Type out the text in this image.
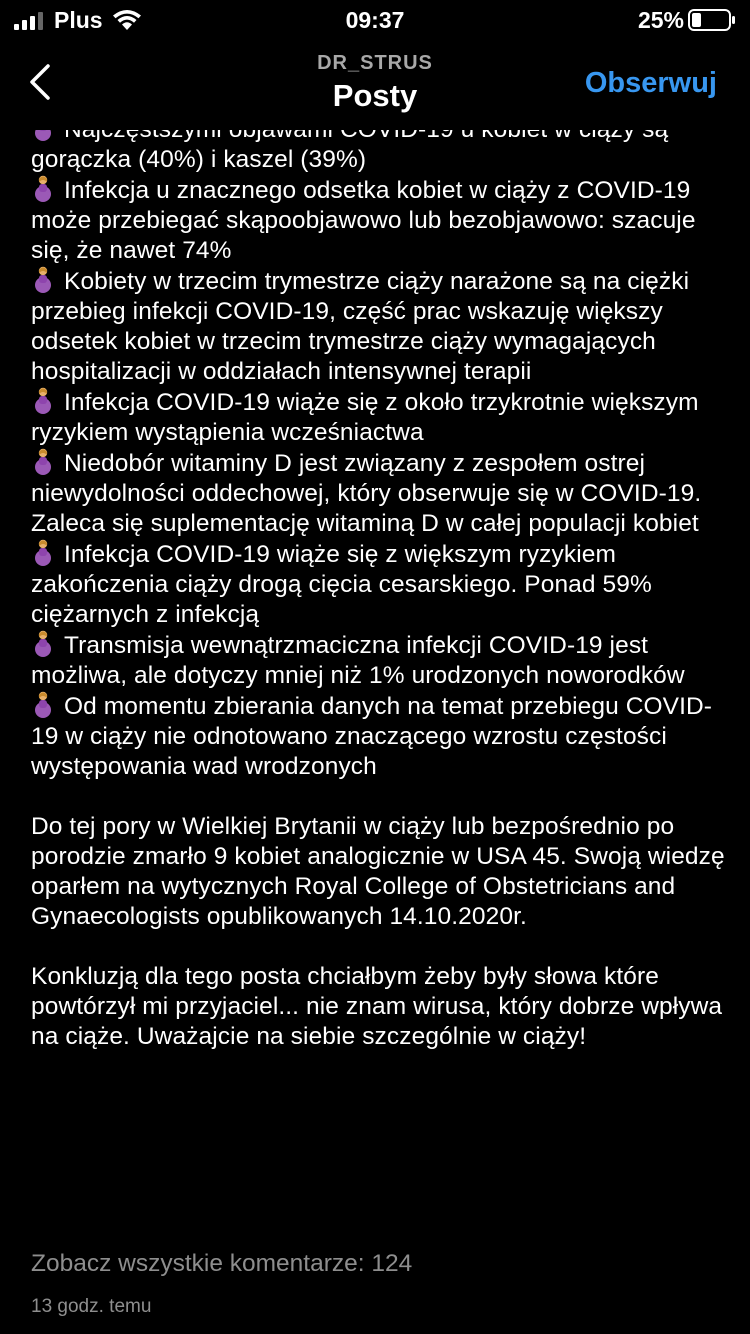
gorączka (40%) i kaszel (39%)
Infekcja u znacznego odsetka kobiet w ciąży z COVID-19 może przebiegać skąpoobjawowo lub bezobjawowo: szacuje się, że nawet 74%
Kobiety w trzecim trymestrze ciąży narażone są na ciężki przebieg infekcji COVID-19, część prac wskazuję większy odsetek kobiet w trzecim trymestrze ciąży wymagających hospitalizacji w oddziałach intensywnej terapii
Infekcja COVID-19 wiąże się z około trzykrotnie większym ryzykiem wystąpienia wcześniactwa
Niedobór witaminy D jest związany z zespołem ostrej niewydolności oddechowej, który obserwuje się w COVID-19. Zaleca się suplementację witaminą D w całej populacji kobiet
Infekcja COVID-19 wiąże się z większym ryzykiem zakończenia ciąży drogą cięcia cesarskiego. Ponad 59% ciężarnych z infekcją
Transmisja wewnątrzmaciczna infekcji COVID-19 jest możliwa, ale dotyczy mniej niż 1% urodzonych noworodków
Od momentu zbierania danych na temat przebiegu COVID-19 w ciąży nie odnotowano znaczącego wzrostu częstości występowania wad wrodzonych
Do tej pory w Wielkiej Brytanii w ciąży lub bezpośrednio po porodzie zmarło 9 kobiet analogicznie w USA 45. Swoją wiedzę oparłem na wytycznych Royal College of Obstetricians and Gynaecologists opublikowanych 14.10.2020r.
Konkluzją dla tego posta chciałbym żeby były słowa które powtórzył mi przyjaciel... nie znam wirusa, który dobrze wpływa na ciąże. Uważajcie na siebie szczególnie w ciąży!
Zobacz wszystkie komentarze: 124
13 godz. temu
Plus	09:37	25%
DR_STRUS
Posty	Obserwuj
